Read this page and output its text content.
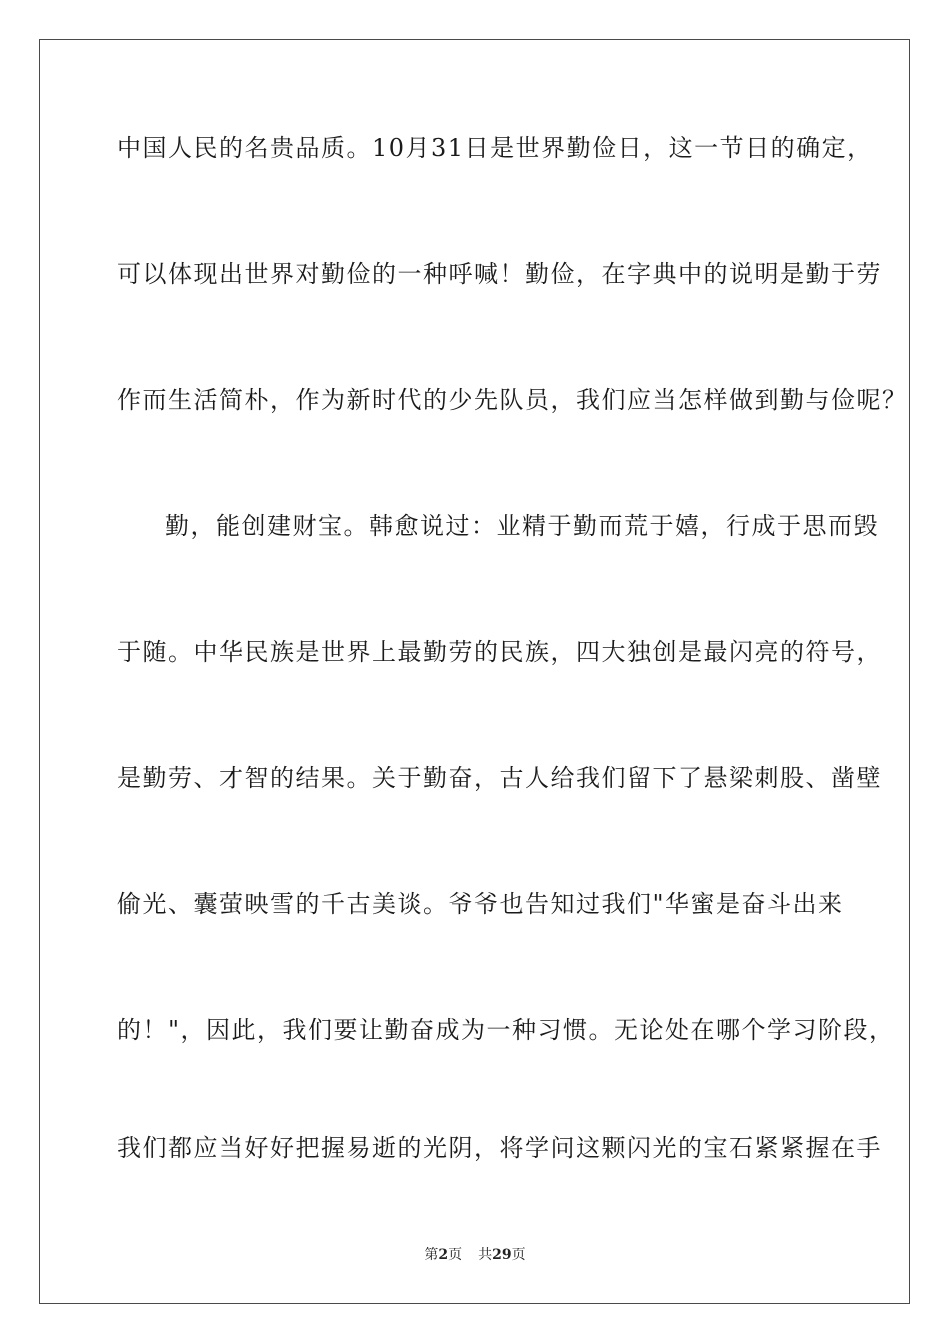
中国人民的名贵品质。10月31日是世界勤俭日，这一节日的确定，
可以体现出世界对勤俭的一种呼喊！勤俭，在字典中的说明是勤于劳
作而生活简朴，作为新时代的少先队员，我们应当怎样做到勤与俭呢？
勤，能创建财宝。韩愈说过：业精于勤而荒于嬉，行成于思而毁
于随。中华民族是世界上最勤劳的民族，四大独创是最闪亮的符号，
是勤劳、才智的结果。关于勤奋，古人给我们留下了悬梁刺股、凿壁
偷光、囊萤映雪的千古美谈。爷爷也告知过我们"华蜜是奋斗出来
的！"，因此，我们要让勤奋成为一种习惯。无论处在哪个学习阶段，
我们都应当好好把握易逝的光阴，将学问这颗闪光的宝石紧紧握在手
第2页 共29页
